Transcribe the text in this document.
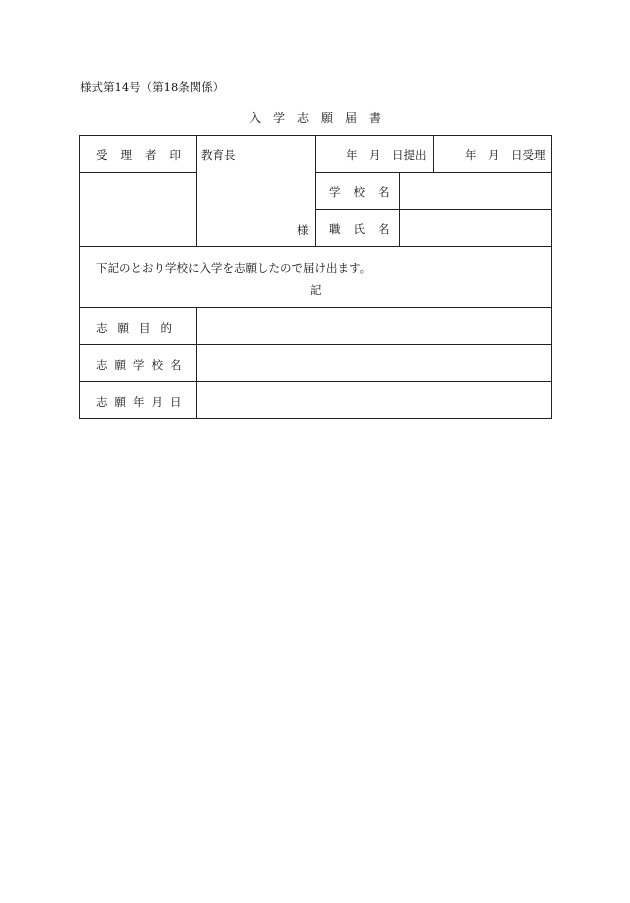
様式第14号（第18条関係）
入学志願届書
受理者印 教育長
様
年　月　日提出	年　月　日受理
学校名
職氏名
下記のとおり学校に入学を志願したので届け出ます。
記
志願目的
志願学校名
志願年月日
